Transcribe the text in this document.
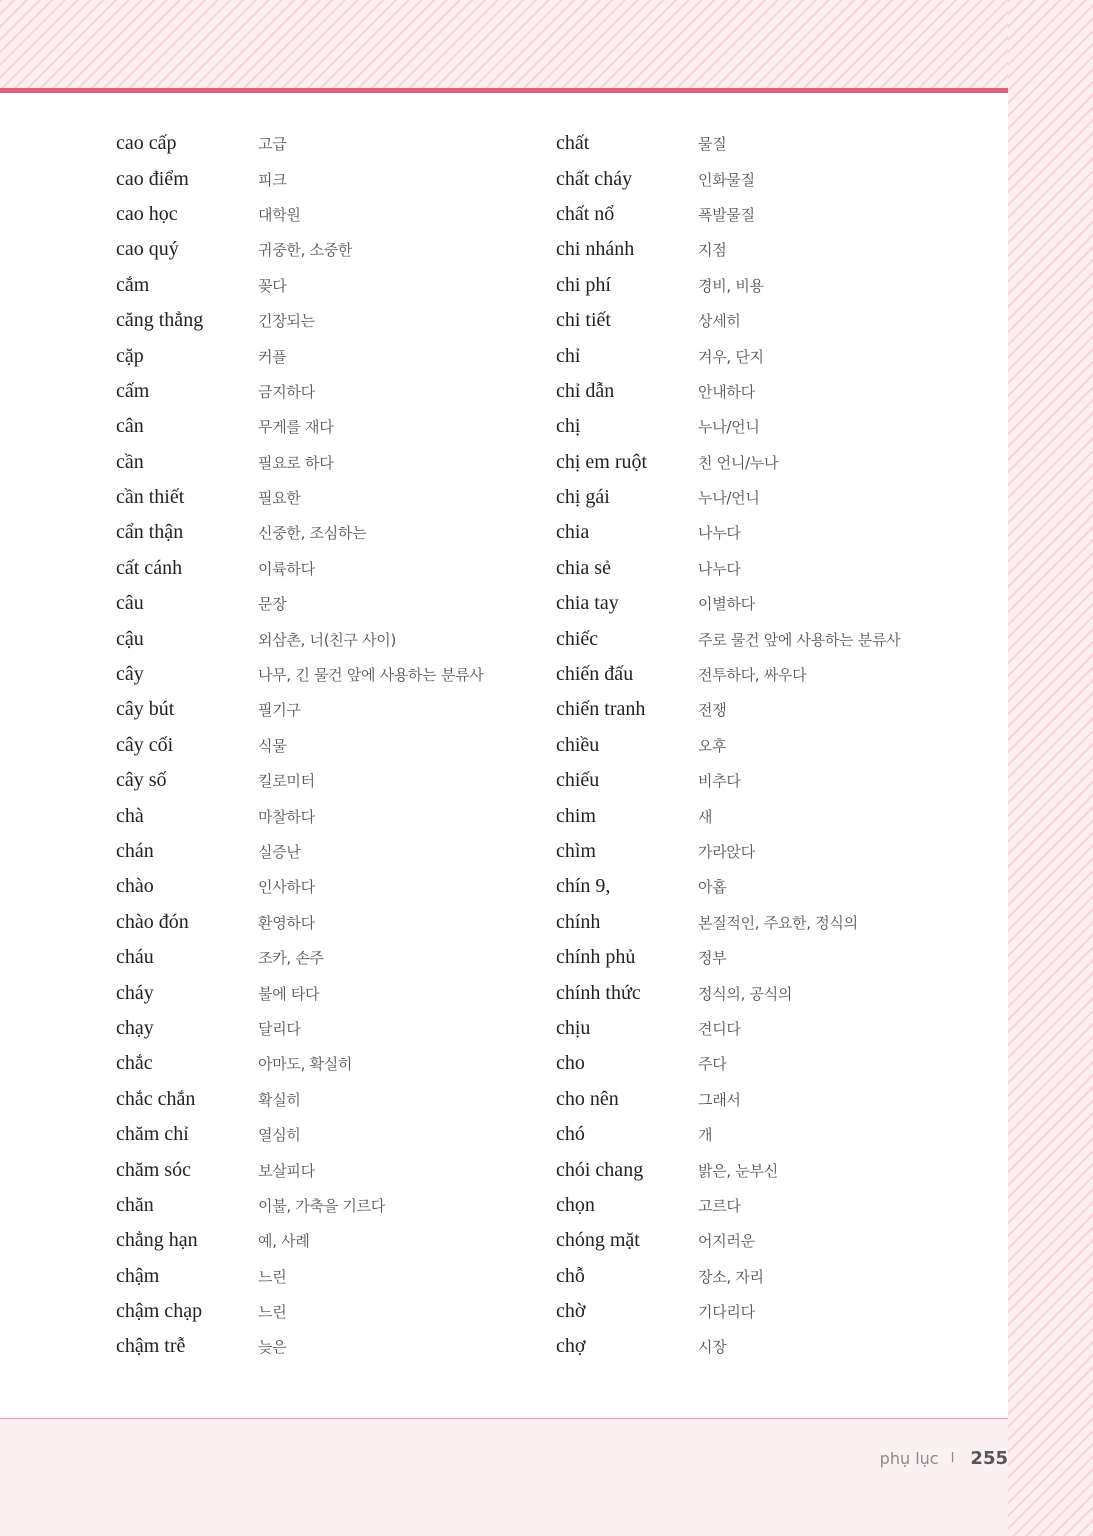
cao cấp	고급
cao điểm	피크
cao học	대학원
cao quý	귀중한, 소중한
cắm	꽂다
căng thẳng	긴장되는
cặp	커플
cấm	금지하다
cân	무게를 재다
cần	필요로 하다
cần thiết	필요한
cẩn thận	신중한, 조심하는
cất cánh	이륙하다
câu	문장
cậu	외삼촌, 너(친구 사이)
cây	나무, 긴 물건 앞에 사용하는 분류사
cây bút	필기구
cây cối	식물
cây số	킬로미터
chà	마찰하다
chán	실증난
chào	인사하다
chào đón	환영하다
cháu	조카, 손주
cháy	불에 타다
chạy	달리다
chắc	아마도, 확실히
chắc chắn	확실히
chăm chỉ	열심히
chăm sóc	보살피다
chăn	이불, 가축을 기르다
chẳng hạn	예, 사례
chậm	느린
chậm chạp	느린
chậm trễ	늦은
chất	물질
chất cháy	인화물질
chất nổ	폭발물질
chi nhánh	지점
chi phí	경비, 비용
chi tiết	상세히
chỉ	겨우, 단지
chỉ dẫn	안내하다
chị	누나/언니
chị em ruột	친 언니/누나
chị gái	누나/언니
chia	나누다
chia sẻ	나누다
chia tay	이별하다
chiếc	주로 물건 앞에 사용하는 분류사
chiến đấu	전투하다, 싸우다
chiến tranh	전쟁
chiều	오후
chiếu	비추다
chim	새
chìm	가라앉다
chín 9,	아홉
chính	본질적인, 주요한, 정식의
chính phủ	정부
chính thức	정식의, 공식의
chịu	견디다
cho	주다
cho nên	그래서
chó	개
chói chang	밝은, 눈부신
chọn	고르다
chóng mặt	어지러운
chỗ	장소, 자리
chờ	기다리다
chợ	시장
phụ lục I 255
